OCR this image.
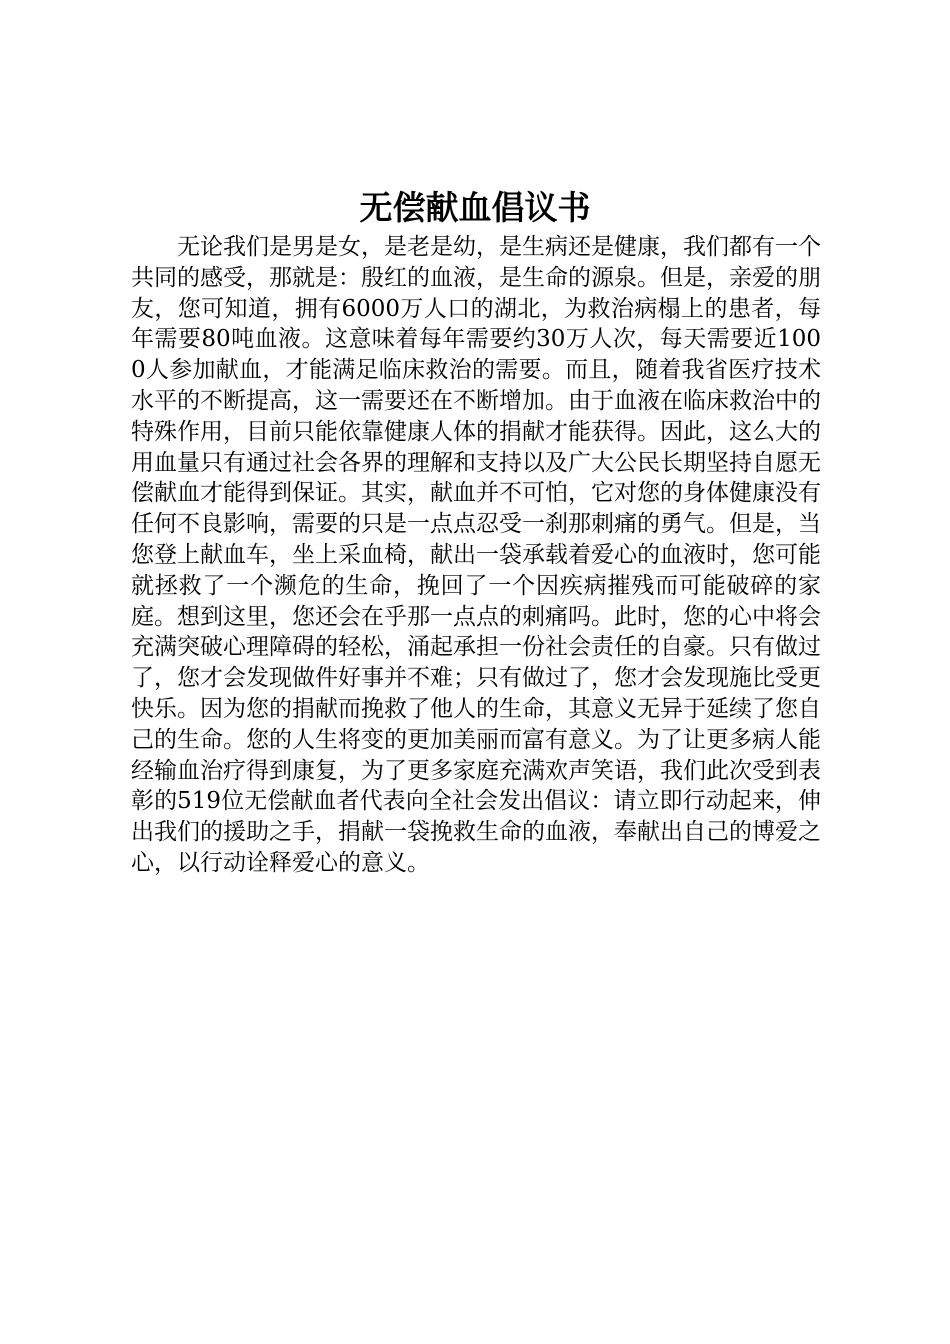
无偿献血倡议书

无论我们是男是女，是老是幼，是生病还是健康，我们都有一个共同的感受，那就是：殷红的血液，是生命的源泉。但是，亲爱的朋友，您可知道，拥有6000万人口的湖北，为救治病榻上的患者，每年需要80吨血液。这意味着每年需要约30万人次，每天需要近1000人参加献血，才能满足临床救治的需要。而且，随着我省医疗技术水平的不断提高，这一需要还在不断增加。由于血液在临床救治中的特殊作用，目前只能依靠健康人体的捐献才能获得。因此，这么大的用血量只有通过社会各界的理解和支持以及广大公民长期坚持自愿无偿献血才能得到保证。其实，献血并不可怕，它对您的身体健康没有任何不良影响，需要的只是一点点忍受一刹那刺痛的勇气。但是，当您登上献血车，坐上采血椅，献出一袋承载着爱心的血液时，您可能就拯救了一个濒危的生命，挽回了一个因疾病摧残而可能破碎的家庭。想到这里，您还会在乎那一点点的刺痛吗。此时，您的心中将会充满突破心理障碍的轻松，涌起承担一份社会责任的自豪。只有做过了，您才会发现做件好事并不难；只有做过了，您才会发现施比受更快乐。因为您的捐献而挽救了他人的生命，其意义无异于延续了您自己的生命。您的人生将变的更加美丽而富有意义。为了让更多病人能经输血治疗得到康复，为了更多家庭充满欢声笑语，我们此次受到表彰的519位无偿献血者代表向全社会发出倡议：请立即行动起来，伸出我们的援助之手，捐献一袋挽救生命的血液，奉献出自己的博爱之心，以行动诠释爱心的意义。
